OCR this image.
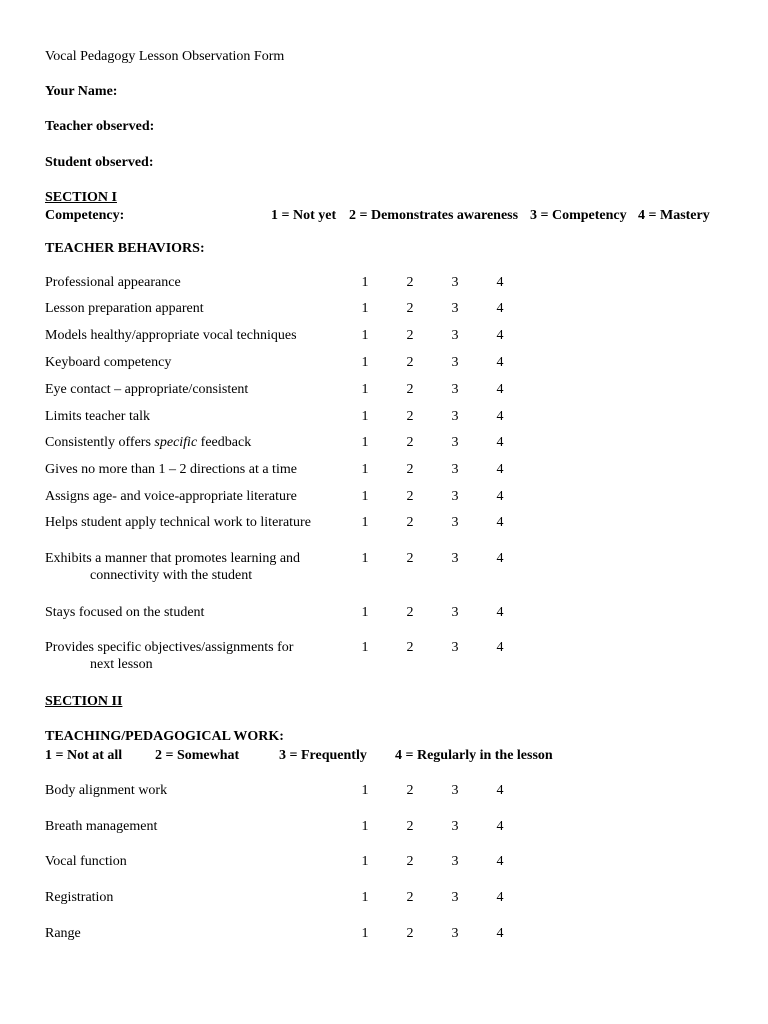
Vocal Pedagogy Lesson Observation Form
Your Name:
Teacher observed:
Student observed:
SECTION I
Competency:	1 = Not yet 2 = Demonstrates awareness 3 = Competency 4 = Mastery
TEACHER BEHAVIORS:
Professional appearance	1	2	3	4
Lesson preparation apparent	1	2	3	4
Models healthy/appropriate vocal techniques	1	2	3	4
Keyboard competency	1	2	3	4
Eye contact – appropriate/consistent	1	2	3	4
Limits teacher talk	1	2	3	4
Consistently offers specific feedback	1	2	3	4
Gives no more than 1 – 2 directions at a time	1	2	3	4
Assigns age- and voice-appropriate literature	1	2	3	4
Helps student apply technical work to literature	1	2	3	4
Exhibits a manner that promotes learning and
connectivity with the student
1	2	3	4
Stays focused on the student	1	2	3	4
Provides specific objectives/assignments for
next lesson
1	2	3	4
SECTION II
TEACHING/PEDAGOGICAL WORK:
1 = Not at all 2 = Somewhat	3 = Frequently 4 = Regularly in the lesson
Body alignment work	1	2	3	4
Breath management	1	2	3	4
Vocal function	1	2	3	4
Registration	1	2	3	4
Range	1	2	3	4
